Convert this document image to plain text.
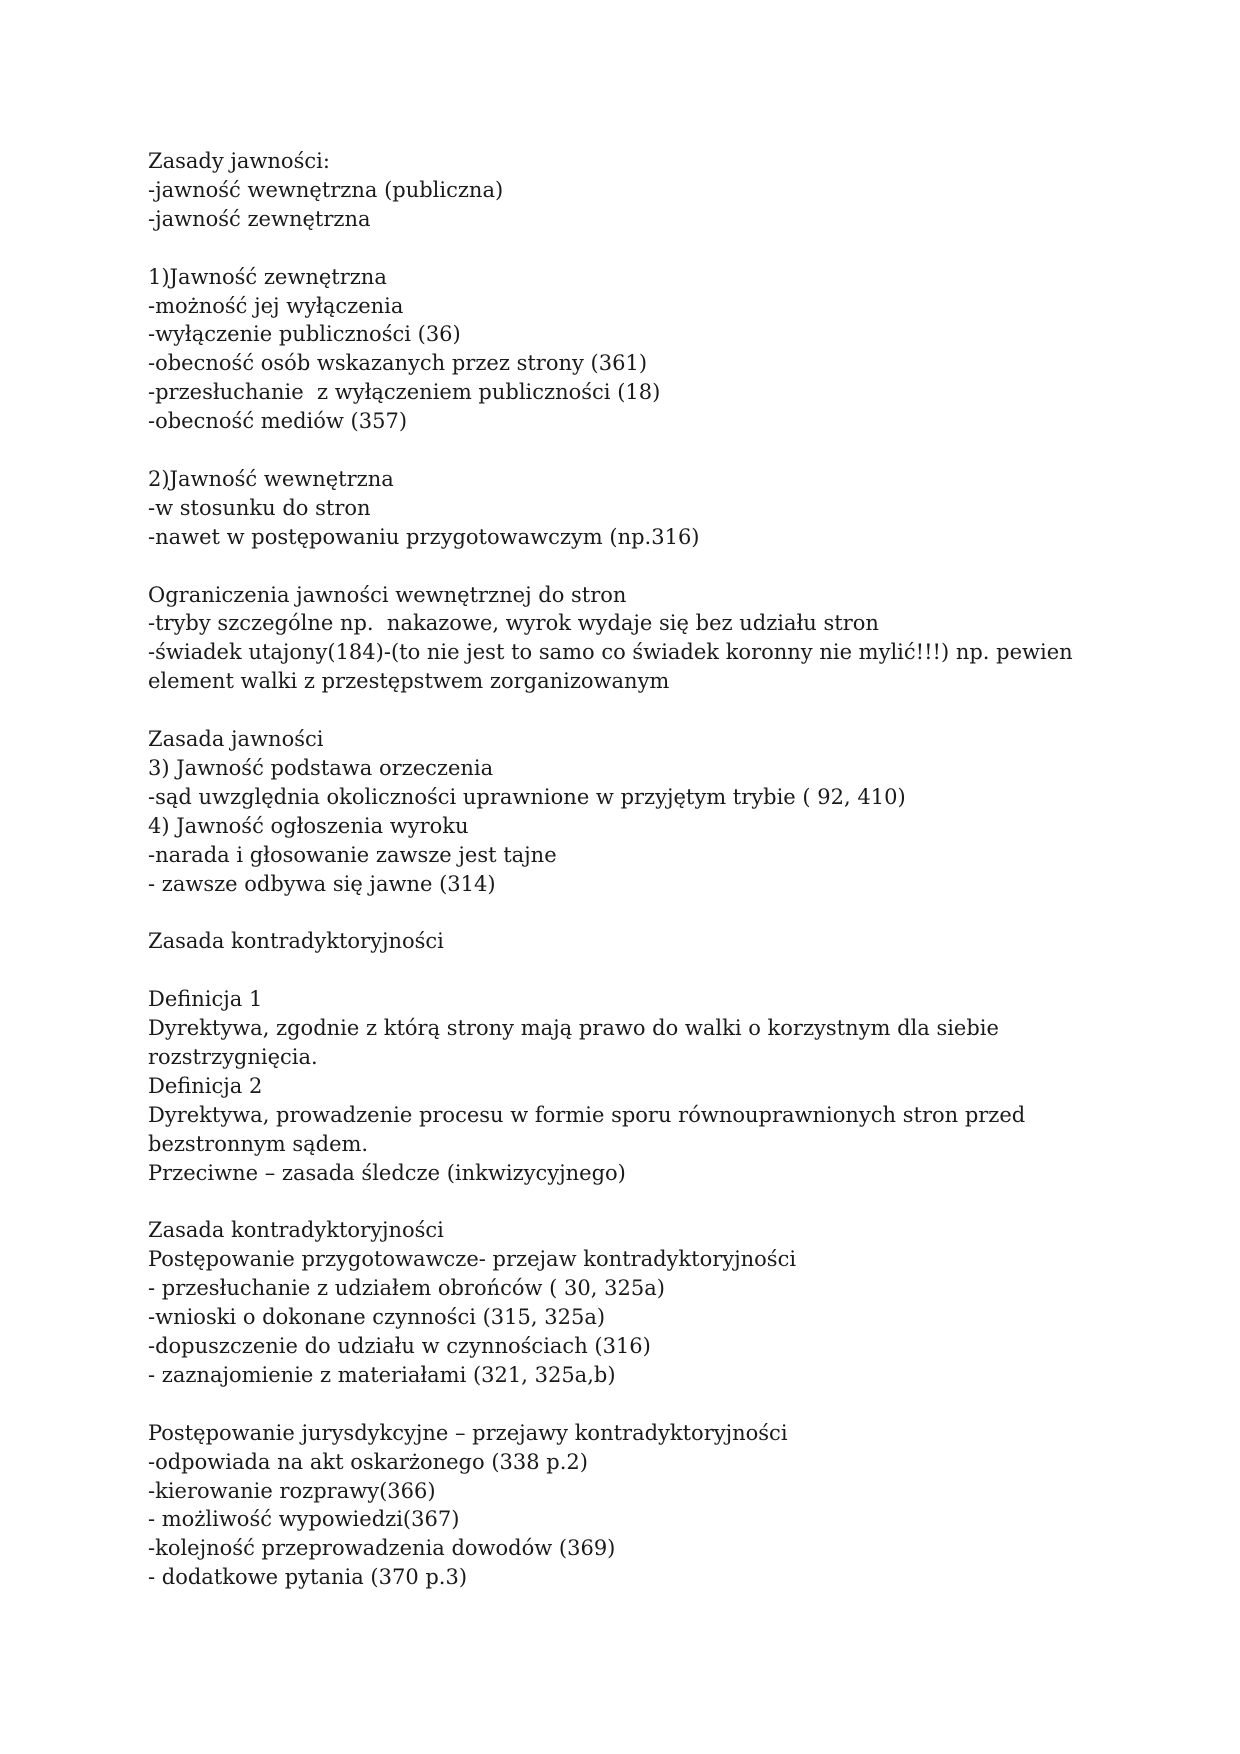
Zasady jawności:
-jawność wewnętrzna (publiczna)
-jawność zewnętrzna
1)Jawność zewnętrzna
-możność jej wyłączenia
-wyłączenie publiczności (36)
-obecność osób wskazanych przez strony (361)
-przesłuchanie  z wyłączeniem publiczności (18)
-obecność mediów (357)
2)Jawność wewnętrzna
-w stosunku do stron
-nawet w postępowaniu przygotowawczym (np.316)
Ograniczenia jawności wewnętrznej do stron
-tryby szczególne np.  nakazowe, wyrok wydaje się bez udziału stron
-świadek utajony(184)-(to nie jest to samo co świadek koronny nie mylić!!!) np. pewien
element walki z przestępstwem zorganizowanym
Zasada jawności
3) Jawność podstawa orzeczenia
-sąd uwzględnia okoliczności uprawnione w przyjętym trybie ( 92, 410)
4) Jawność ogłoszenia wyroku
-narada i głosowanie zawsze jest tajne
- zawsze odbywa się jawne (314)
Zasada kontradyktoryjności
Definicja 1
Dyrektywa, zgodnie z którą strony mają prawo do walki o korzystnym dla siebie
rozstrzygnięcia.
Definicja 2
Dyrektywa, prowadzenie procesu w formie sporu równouprawnionych stron przed
bezstronnym sądem.
Przeciwne – zasada śledcze (inkwizycyjnego)
Zasada kontradyktoryjności
Postępowanie przygotowawcze- przejaw kontradyktoryjności
- przesłuchanie z udziałem obrońców ( 30, 325a)
-wnioski o dokonane czynności (315, 325a)
-dopuszczenie do udziału w czynnościach (316)
- zaznajomienie z materiałami (321, 325a,b)
Postępowanie jurysdykcyjne – przejawy kontradyktoryjności
-odpowiada na akt oskarżonego (338 p.2)
-kierowanie rozprawy(366)
- możliwość wypowiedzi(367)
-kolejność przeprowadzenia dowodów (369)
- dodatkowe pytania (370 p.3)
